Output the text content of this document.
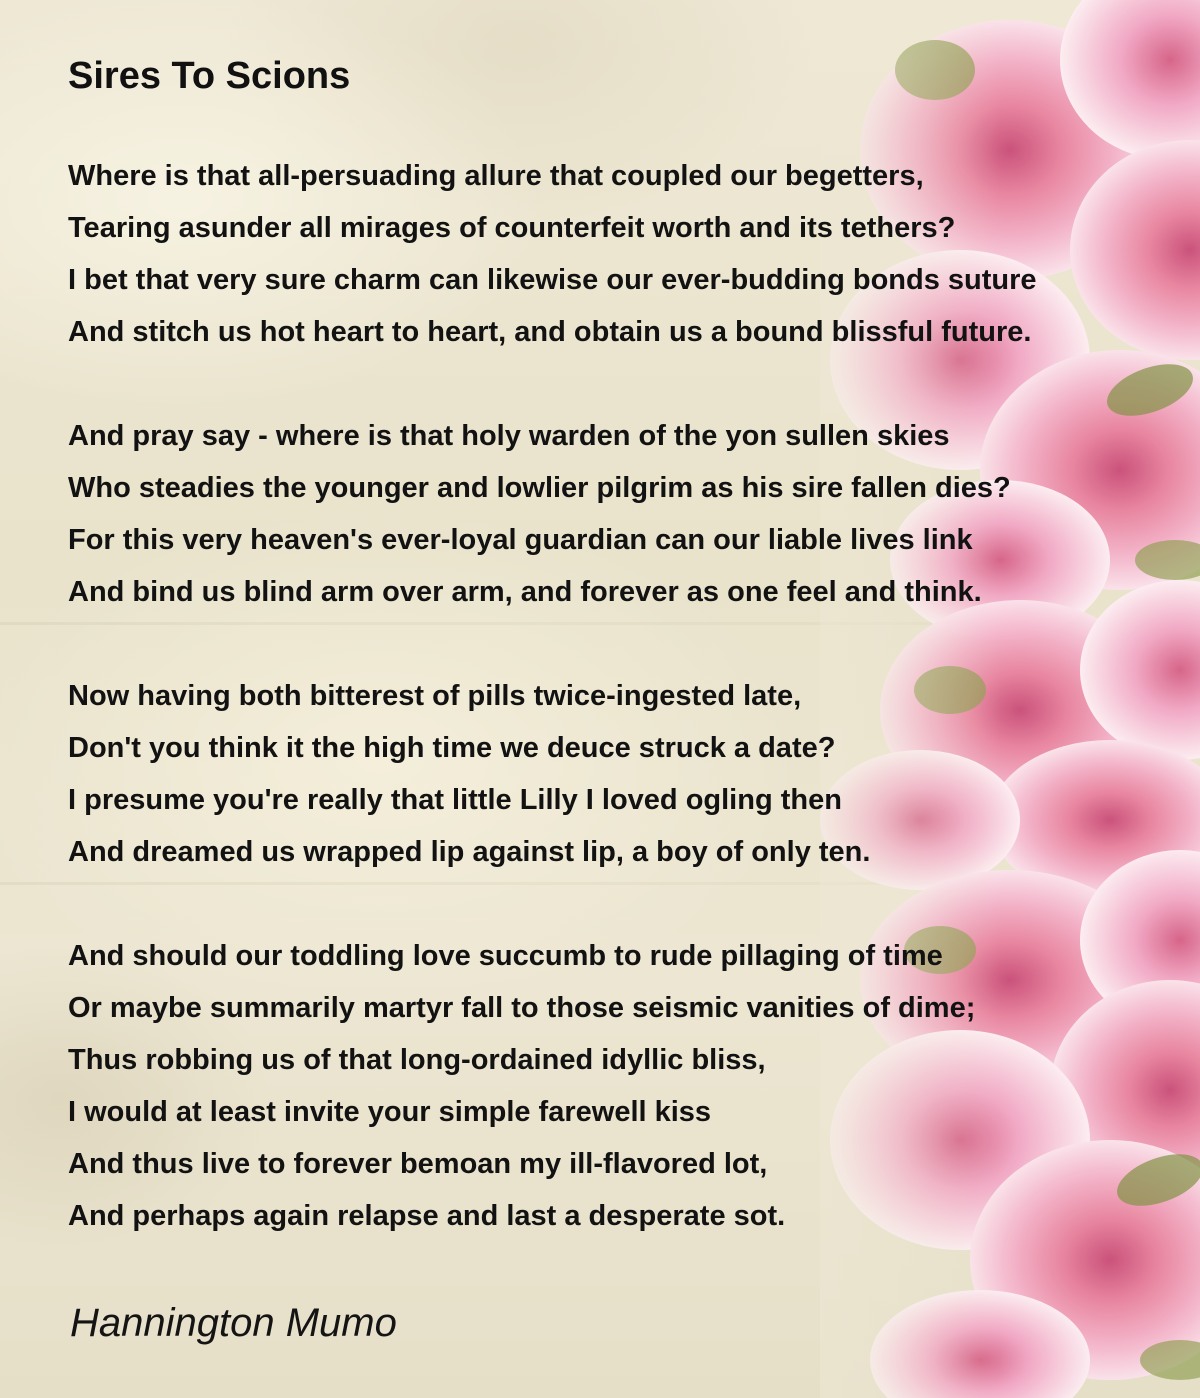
Sires To Scions
Where is that all-persuading allure that coupled our begetters,
Tearing asunder all mirages of counterfeit worth and its tethers?
I bet that very sure charm can likewise our ever-budding bonds suture
And stitch us hot heart to heart, and obtain us a bound blissful future.
And pray say - where is that holy warden of the yon sullen skies
Who steadies the younger and lowlier pilgrim as his sire fallen dies?
For this very heaven's ever-loyal guardian can our liable lives link
And bind us blind arm over arm, and forever as one feel and think.
Now having both bitterest of pills twice-ingested late,
Don't you think it the high time we deuce struck a date?
I presume you're really that little Lilly I loved ogling then
And dreamed us wrapped lip against lip, a boy of only ten.
And should our toddling love succumb to rude pillaging of time
Or maybe summarily martyr fall to those seismic vanities of dime;
Thus robbing us of that long-ordained idyllic bliss,
I would at least invite your simple farewell kiss
And thus live to forever bemoan my ill-flavored lot,
And perhaps again relapse and last a desperate sot.

Hannington Mumo
